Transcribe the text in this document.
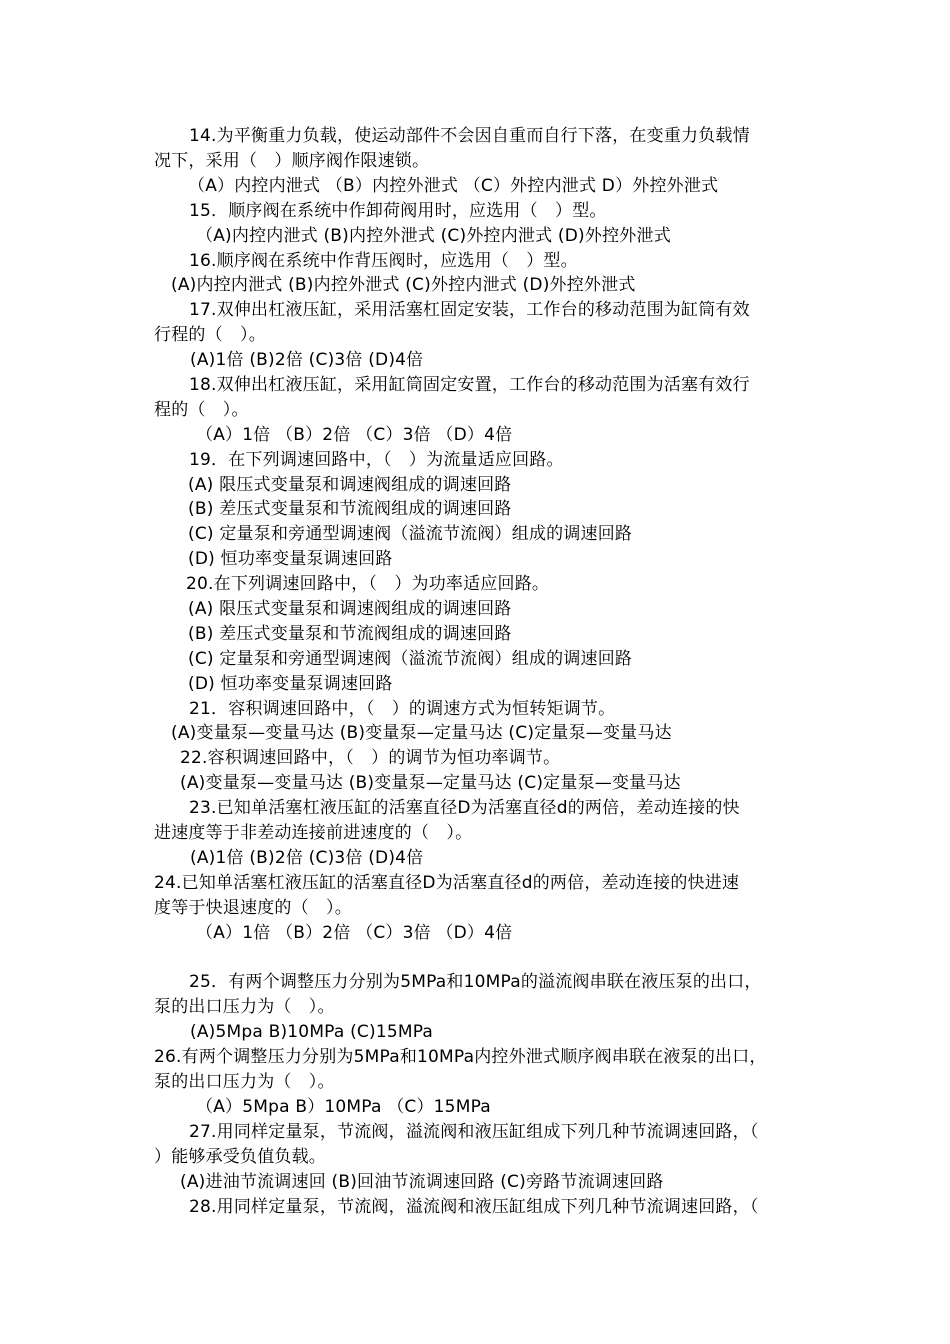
14.为平衡重力负载，使运动部件不会因自重而自行下落，在变重力负载情
况下，采用（　）顺序阀作限速锁。
（A）内控内泄式 （B）内控外泄式 （C）外控内泄式 D）外控外泄式
15．顺序阀在系统中作卸荷阀用时，应选用（　）型。
（A)内控内泄式 (B)内控外泄式 (C)外控内泄式 (D)外控外泄式
16.顺序阀在系统中作背压阀时，应选用（　）型。
(A)内控内泄式 (B)内控外泄式 (C)外控内泄式 (D)外控外泄式
17.双伸出杠液压缸，采用活塞杠固定安装，工作台的移动范围为缸筒有效
行程的（　）。
(A)1倍 (B)2倍 (C)3倍 (D)4倍
18.双伸出杠液压缸，采用缸筒固定安置，工作台的移动范围为活塞有效行
程的（　）。
（A）1倍 （B）2倍 （C）3倍 （D）4倍
19．在下列调速回路中，（　）为流量适应回路。
(A) 限压式变量泵和调速阀组成的调速回路
(B) 差压式变量泵和节流阀组成的调速回路
(C) 定量泵和旁通型调速阀（溢流节流阀）组成的调速回路
(D) 恒功率变量泵调速回路
20.在下列调速回路中，（　）为功率适应回路。
(A) 限压式变量泵和调速阀组成的调速回路
(B) 差压式变量泵和节流阀组成的调速回路
(C) 定量泵和旁通型调速阀（溢流节流阀）组成的调速回路
(D) 恒功率变量泵调速回路
21．容积调速回路中，（　）的调速方式为恒转矩调节。
(A)变量泵—变量马达 (B)变量泵—定量马达 (C)定量泵—变量马达
22.容积调速回路中，（　）的调节为恒功率调节。
(A)变量泵—变量马达 (B)变量泵—定量马达 (C)定量泵—变量马达
23.已知单活塞杠液压缸的活塞直径D为活塞直径d的两倍，差动连接的快
进速度等于非差动连接前进速度的（　）。
(A)1倍 (B)2倍 (C)3倍 (D)4倍
24.已知单活塞杠液压缸的活塞直径D为活塞直径d的两倍，差动连接的快进速
度等于快退速度的（　）。
（A）1倍 （B）2倍 （C）3倍 （D）4倍
25．有两个调整压力分别为5MPa和10MPa的溢流阀串联在液压泵的出口，
泵的出口压力为（　）。
(A)5Mpa B)10MPa (C)15MPa
26.有两个调整压力分别为5MPa和10MPa内控外泄式顺序阀串联在液泵的出口，
泵的出口压力为（　）。
（A）5Mpa B）10MPa （C）15MPa
27.用同样定量泵，节流阀，溢流阀和液压缸组成下列几种节流调速回路，（
）能够承受负值负载。
(A)进油节流调速回 (B)回油节流调速回路 (C)旁路节流调速回路
28.用同样定量泵，节流阀，溢流阀和液压缸组成下列几种节流调速回路，（
